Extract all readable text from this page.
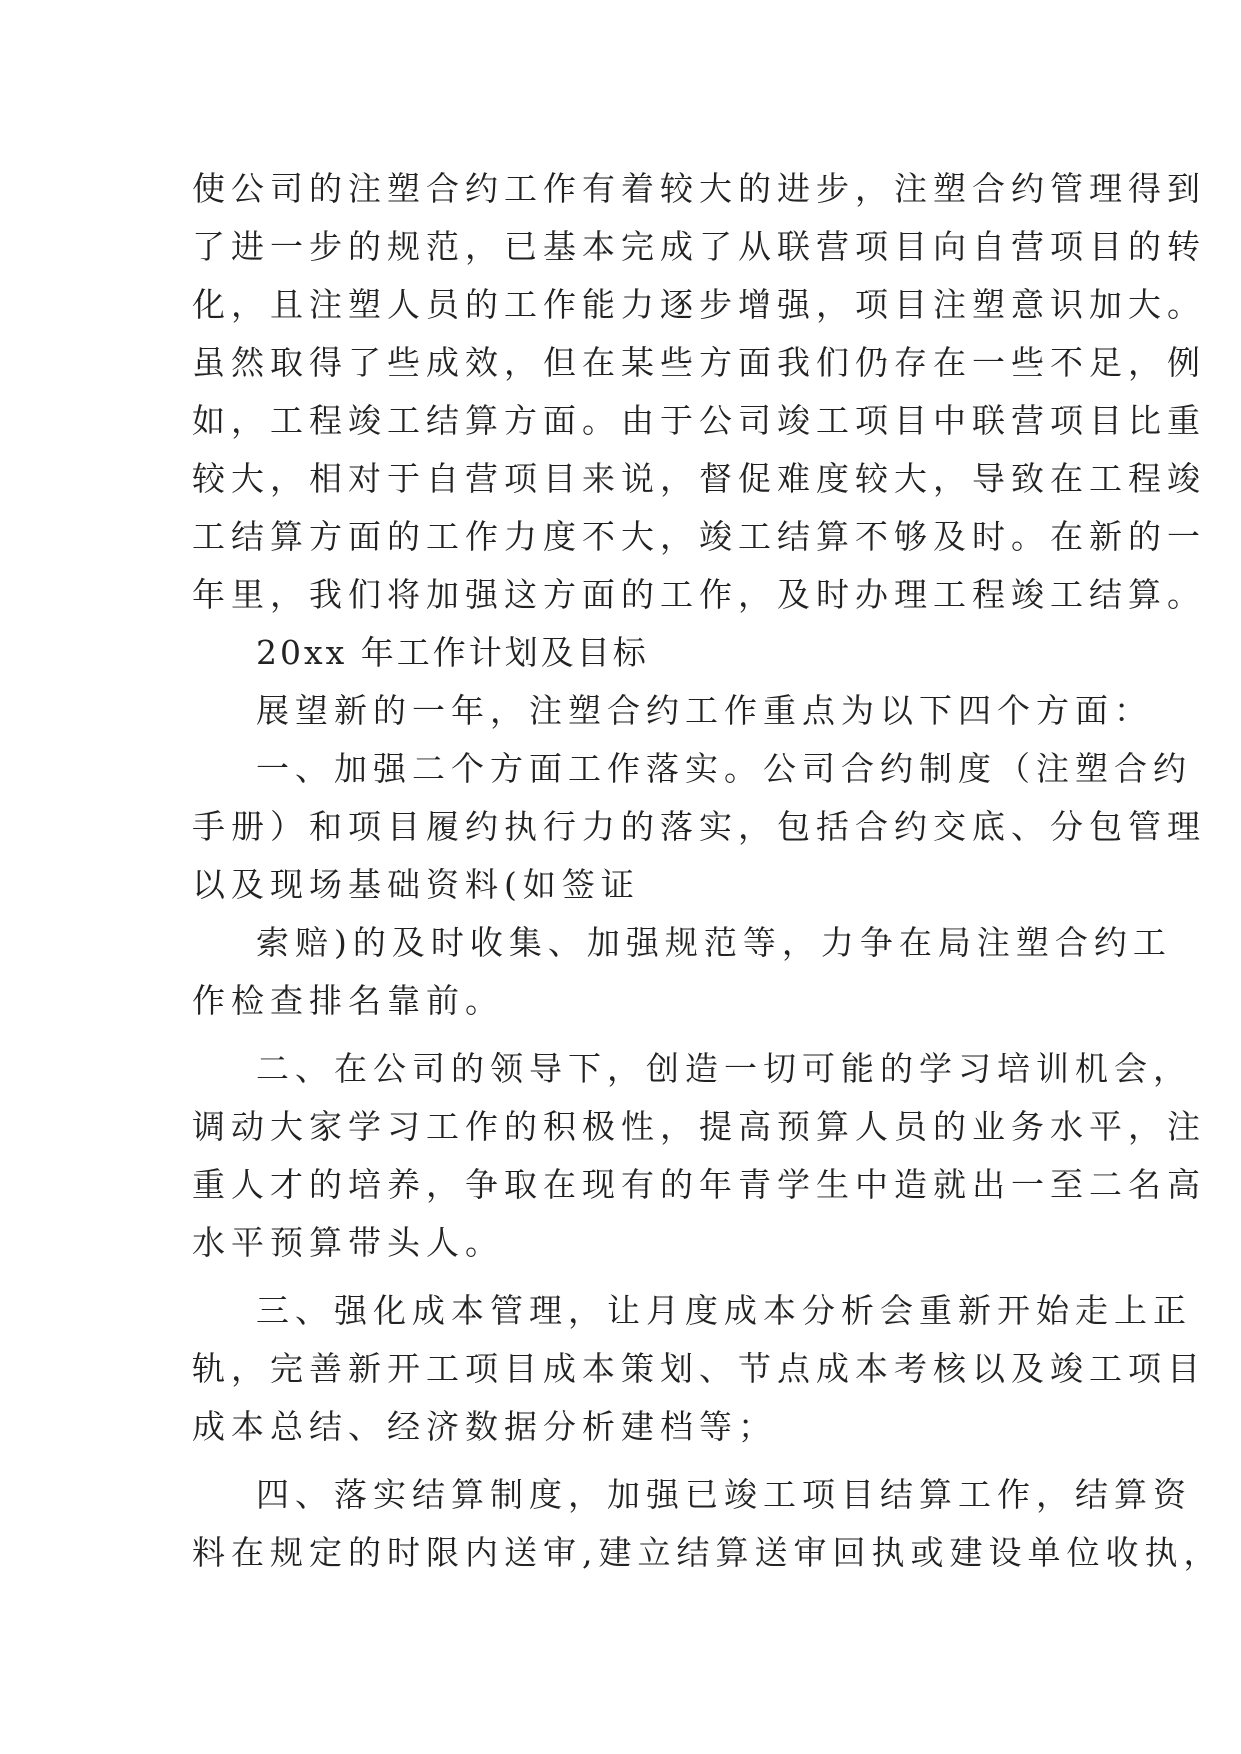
使公司的注塑合约工作有着较大的进步，注塑合约管理得到
了进一步的规范，已基本完成了从联营项目向自营项目的转
化，且注塑人员的工作能力逐步增强，项目注塑意识加大。
虽然取得了些成效，但在某些方面我们仍存在一些不足，例
如，工程竣工结算方面。由于公司竣工项目中联营项目比重
较大，相对于自营项目来说，督促难度较大，导致在工程竣
工结算方面的工作力度不大，竣工结算不够及时。在新的一
年里，我们将加强这方面的工作，及时办理工程竣工结算。
20xx 年工作计划及目标
展望新的一年，注塑合约工作重点为以下四个方面：
一、加强二个方面工作落实。公司合约制度（注塑合约
手册）和项目履约执行力的落实，包括合约交底、分包管理
以及现场基础资料(如签证
索赔)的及时收集、加强规范等，力争在局注塑合约工
作检查排名靠前。
二、在公司的领导下，创造一切可能的学习培训机会，
调动大家学习工作的积极性，提高预算人员的业务水平，注
重人才的培养，争取在现有的年青学生中造就出一至二名高
水平预算带头人。
三、强化成本管理，让月度成本分析会重新开始走上正
轨，完善新开工项目成本策划、节点成本考核以及竣工项目
成本总结、经济数据分析建档等；
四、落实结算制度，加强已竣工项目结算工作，结算资
料在规定的时限内送审,建立结算送审回执或建设单位收执，
